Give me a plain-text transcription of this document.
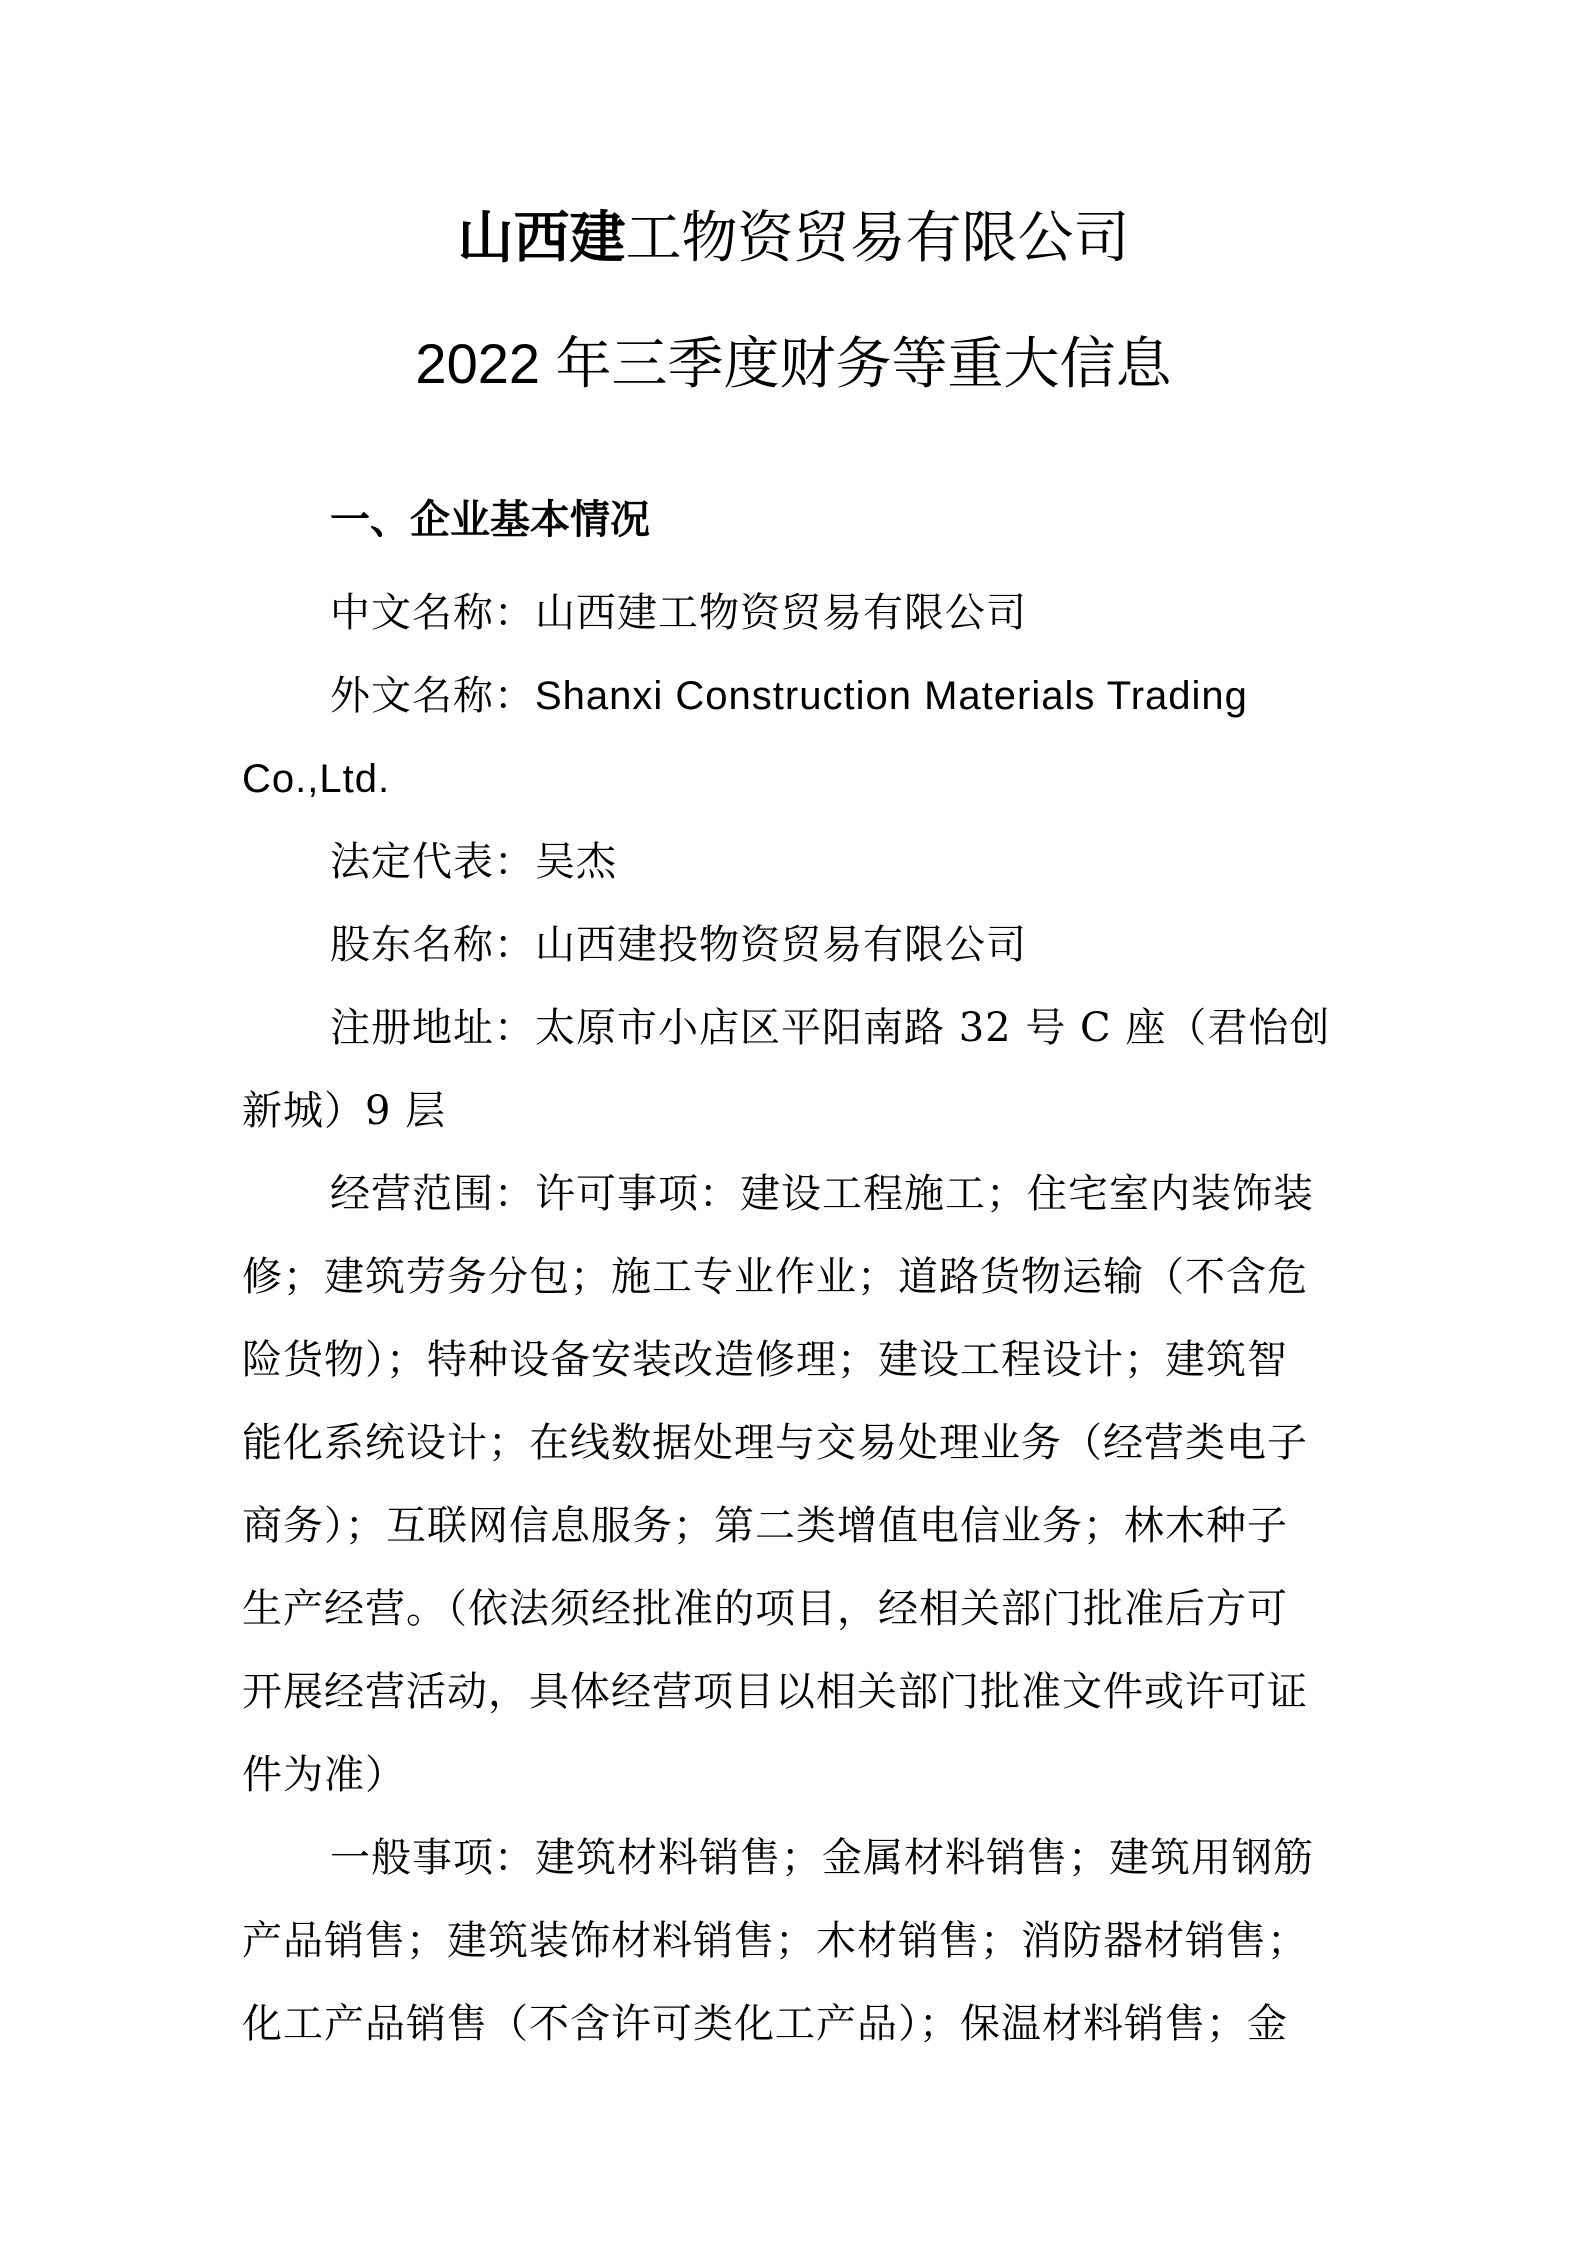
山西建工物资贸易有限公司
2022 年三季度财务等重大信息
一、企业基本情况
中文名称：山西建工物资贸易有限公司
外文名称：Shanxi Construction Materials Trading
Co.,Ltd.
法定代表：吴杰
股东名称：山西建投物资贸易有限公司
注册地址：太原市小店区平阳南路 32 号 C 座（君怡创
新城）9 层
经营范围：许可事项：建设工程施工；住宅室内装饰装
修；建筑劳务分包；施工专业作业；道路货物运输（不含危
险货物）；特种设备安装改造修理；建设工程设计；建筑智
能化系统设计；在线数据处理与交易处理业务（经营类电子
商务）；互联网信息服务；第二类增值电信业务；林木种子
生产经营。（依法须经批准的项目，经相关部门批准后方可
开展经营活动，具体经营项目以相关部门批准文件或许可证
件为准）
一般事项：建筑材料销售；金属材料销售；建筑用钢筋
产品销售；建筑装饰材料销售；木材销售；消防器材销售；
化工产品销售（不含许可类化工产品）；保温材料销售；金
